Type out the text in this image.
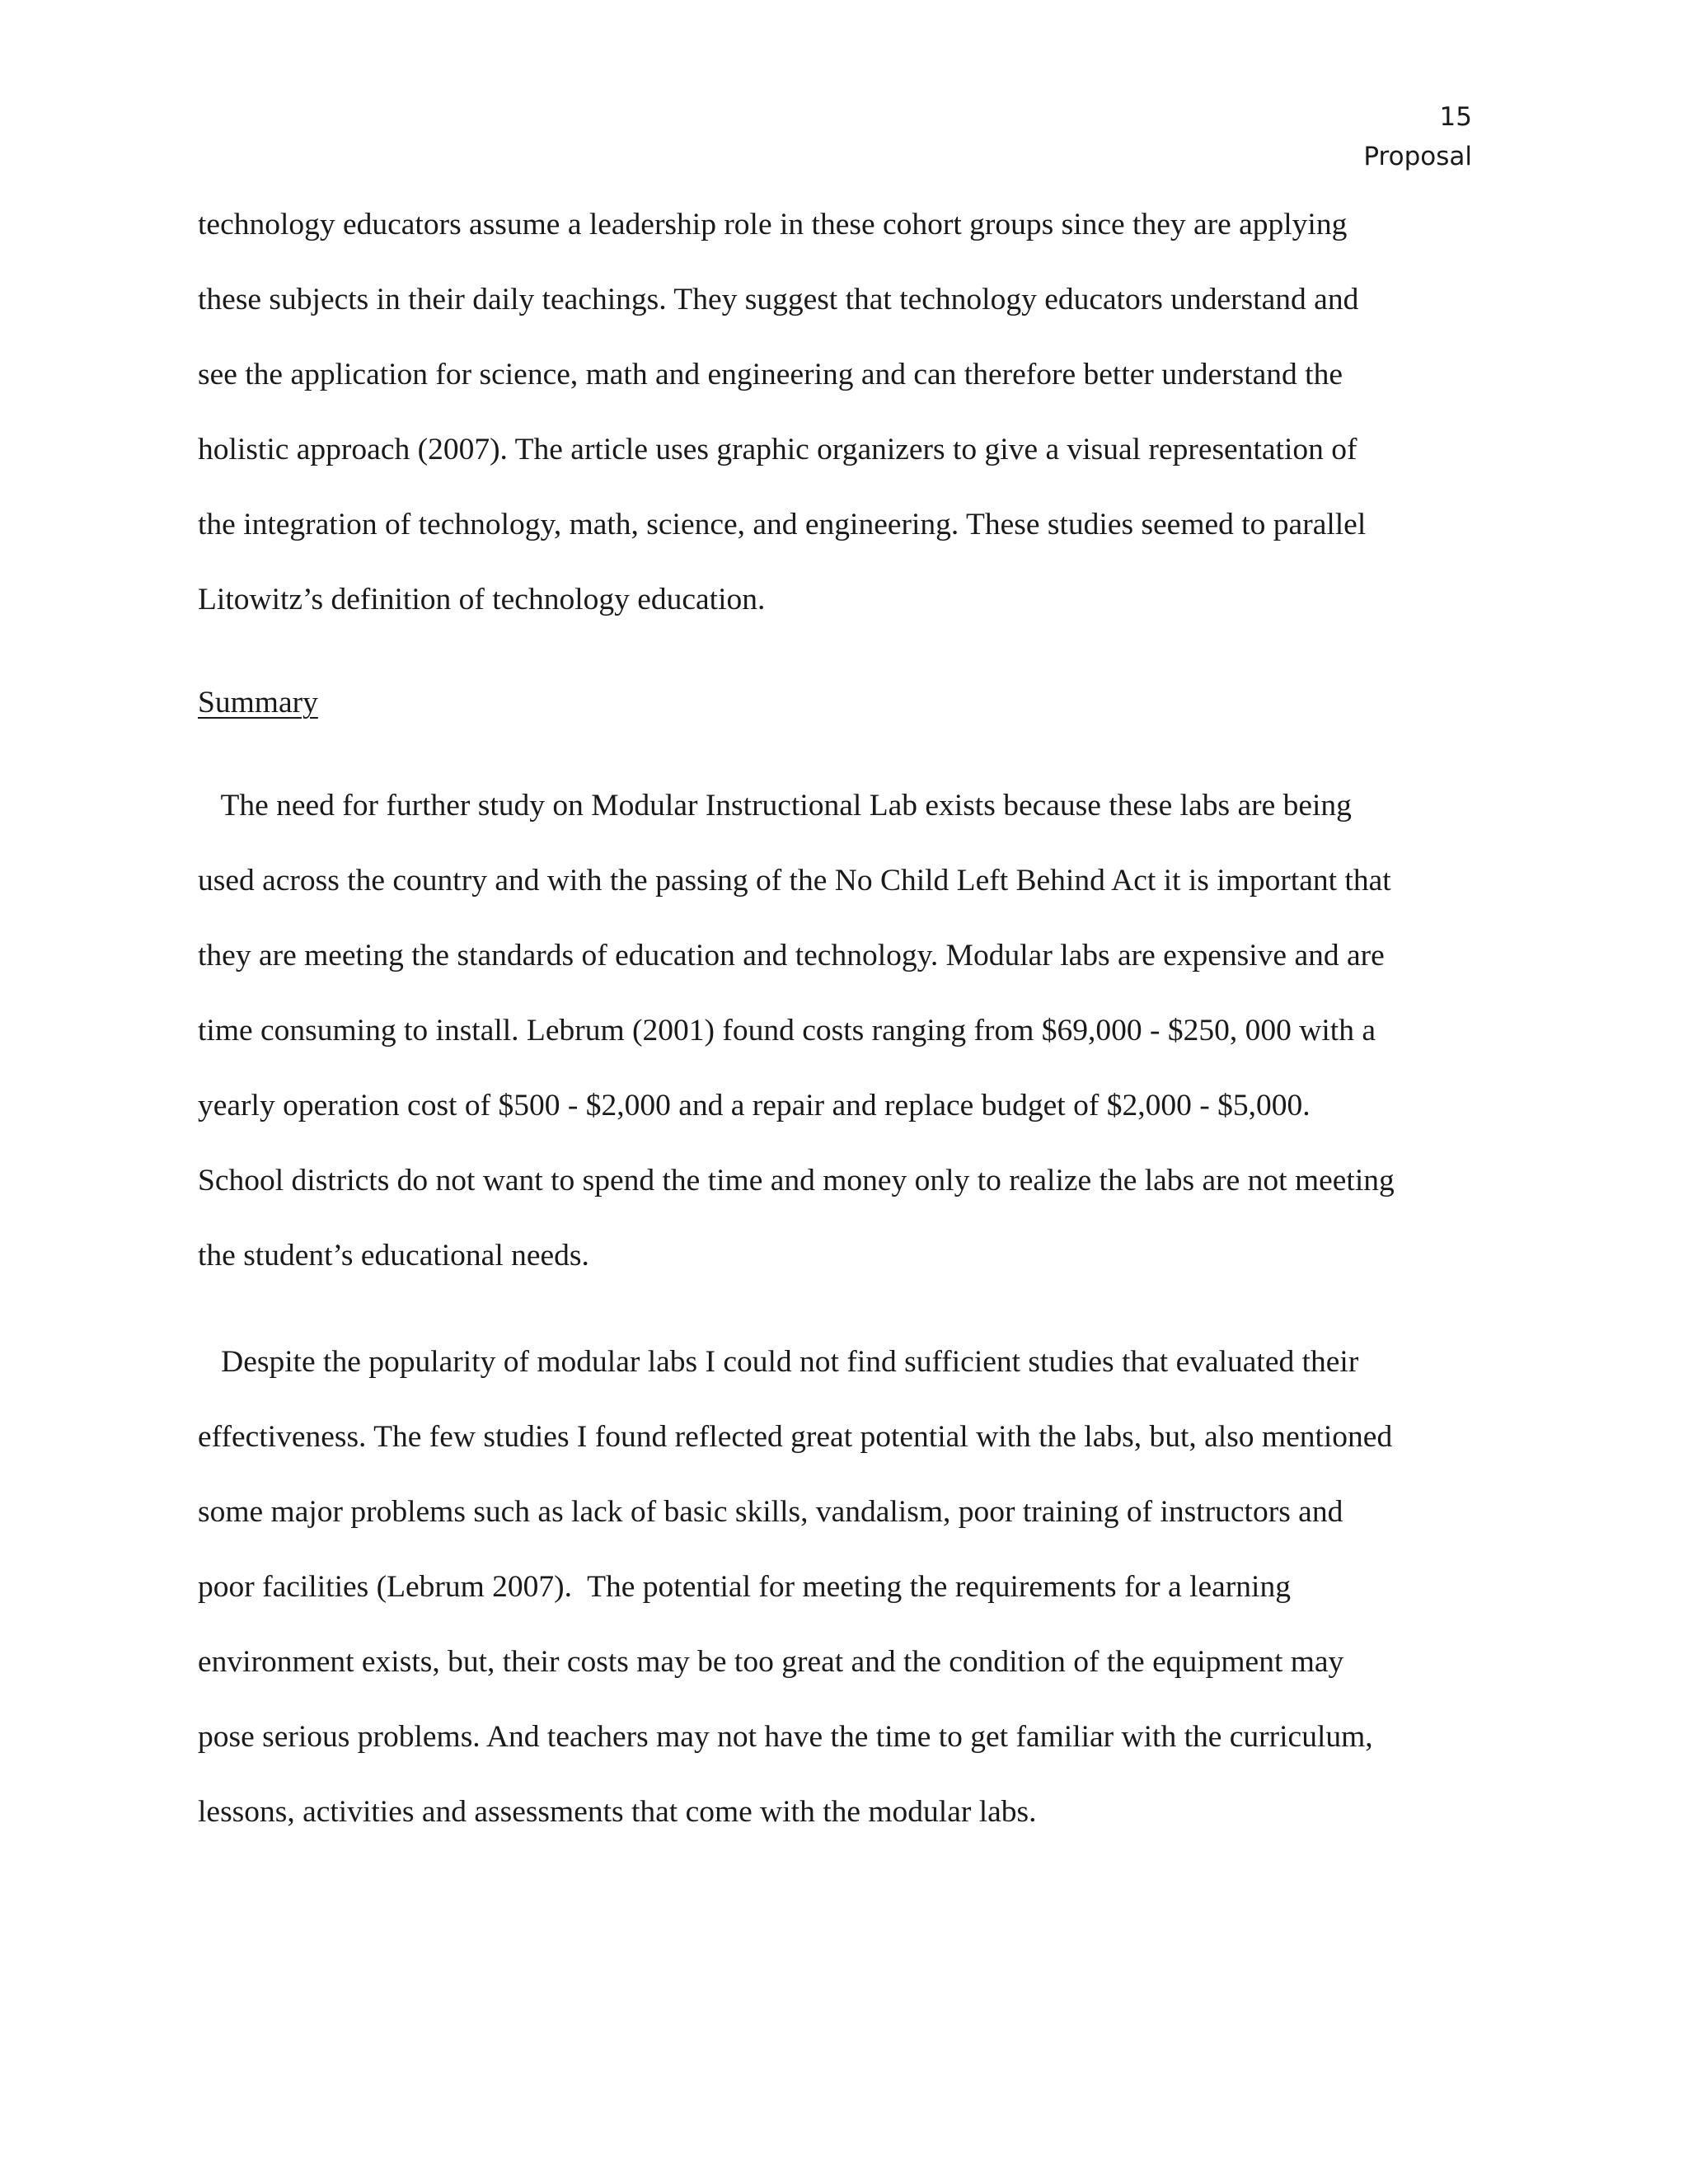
15
Proposal
technology educators assume a leadership role in these cohort groups since they are applying
these subjects in their daily teachings. They suggest that technology educators understand and
see the application for science, math and engineering and can therefore better understand the
holistic approach (2007). The article uses graphic organizers to give a visual representation of
the integration of technology, math, science, and engineering. These studies seemed to parallel
Litowitz’s definition of technology education.
Summary
The need for further study on Modular Instructional Lab exists because these labs are being
used across the country and with the passing of the No Child Left Behind Act it is important that
they are meeting the standards of education and technology. Modular labs are expensive and are
time consuming to install. Lebrum (2001) found costs ranging from $69,000 - $250, 000 with a
yearly operation cost of $500 - $2,000 and a repair and replace budget of $2,000 - $5,000.
School districts do not want to spend the time and money only to realize the labs are not meeting
the student’s educational needs.
Despite the popularity of modular labs I could not find sufficient studies that evaluated their
effectiveness. The few studies I found reflected great potential with the labs, but, also mentioned
some major problems such as lack of basic skills, vandalism, poor training of instructors and
poor facilities (Lebrum 2007).  The potential for meeting the requirements for a learning
environment exists, but, their costs may be too great and the condition of the equipment may
pose serious problems. And teachers may not have the time to get familiar with the curriculum,
lessons, activities and assessments that come with the modular labs.
